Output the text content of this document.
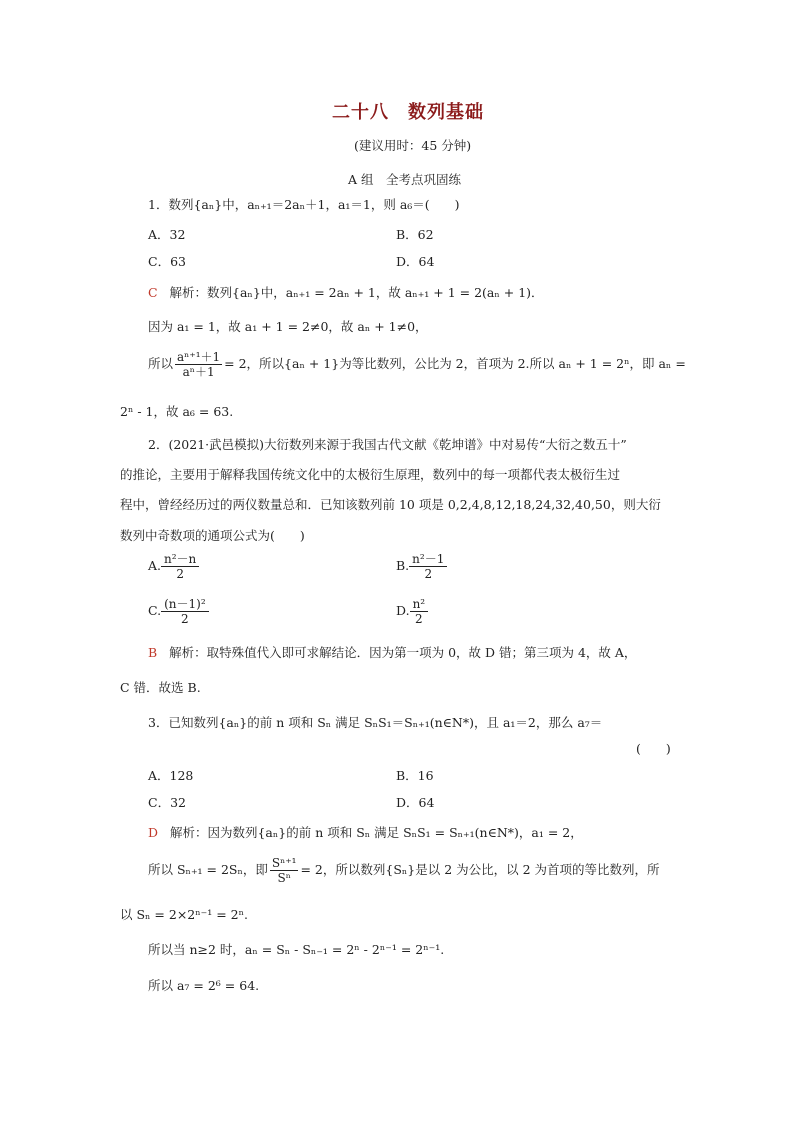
二十八　数列基础
(建议用时：45 分钟)
A 组　全考点巩固练
1．数列{aₙ}中，aₙ₊₁＝2aₙ＋1，a₁＝1，则 a₆＝(　　)
A．32	B．62
C．63	D．64
C 解析：数列{aₙ}中，aₙ₊₁ = 2aₙ + 1，故 aₙ₊₁ + 1 = 2(aₙ + 1)．
因为 a₁ = 1，故 a₁ + 1 = 2≠0，故 aₙ + 1≠0，
所以 $\frac{\text{aⁿ⁺¹＋1}}{\text{aⁿ＋1}} = 2$，所以{aₙ + 1}为等比数列，公比为 2，首项为 2.所以 aₙ + 1 = 2ⁿ，即 aₙ =
2ⁿ - 1，故 a₆ = 63.
2．(2021·武邑模拟)大衍数列来源于我国古代文献《乾坤谱》中对易传“大衍之数五十”
的推论，主要用于解释我国传统文化中的太极衍生原理，数列中的每一项都代表太极衍生过
程中，曾经经历过的两仪数量总和．已知该数列前 10 项是 0,2,4,8,12,18,24,32,40,50，则大衍
数列中奇数项的通项公式为(　　)
A. $\frac{\text{n²－n}}{2}$	B. $\frac{\text{n²－1}}{2}$
C. $\frac{\text{(n－1)²}}{2}$	D. $\frac{\text{n²}}{2}$
B 解析：取特殊值代入即可求解结论．因为第一项为 0，故 D 错；第三项为 4，故 A，
C 错．故选 B.
3．已知数列{aₙ}的前 n 项和 Sₙ 满足 SₙS₁＝Sₙ₊₁(n∈N*)，且 a₁＝2，那么 a₇＝
(　　)
A．128	B．16
C．32	D．64
D 解析：因为数列{aₙ}的前 n 项和 Sₙ 满足 SₙS₁ = Sₙ₊₁(n∈N*)，a₁ = 2，
所以 Sₙ₊₁ = 2Sₙ，即 $\frac{\text{Sⁿ⁺¹}}{\text{Sⁿ}} = 2$，所以数列{Sₙ}是以 2 为公比，以 2 为首项的等比数列，所
以 Sₙ = 2×2ⁿ⁻¹ = 2ⁿ.
所以当 n≥2 时，aₙ = Sₙ - Sₙ₋₁ = 2ⁿ - 2ⁿ⁻¹ = 2ⁿ⁻¹.
所以 a₇ = 2⁶ = 64.
